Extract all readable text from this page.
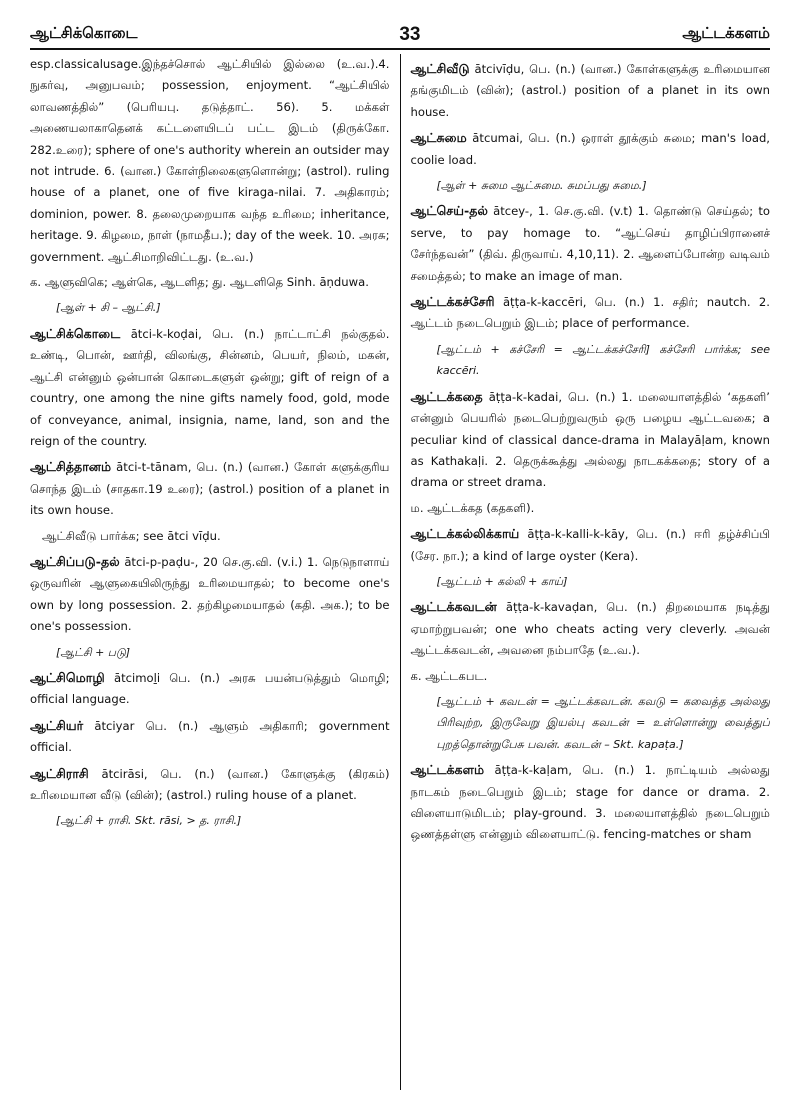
ஆட்சிக்கொடை	33	ஆட்டக்களம்

esp.classicalusage.இந்தச்சொல் ஆட்சியில் இல்லை (உ.வ.).4. நுகர்வு, அனுபவம்; possession, enjoyment. “ஆட்சியில் லாவணத்தில்” (பெரியபு. தடுத்தாட். 56). 5. மக்கள் அணையலாகாதெனக் கட்டளையிடப் பட்ட இடம் (திருக்கோ. 282.உரை); sphere of one's authority wherein an outsider may not intrude. 6. (வான.) கோள்நிலைகளுளொன்று; (astrol). ruling house of a planet, one of five kiraga-nilai. 7. அதிகாரம்; dominion, power. 8. தலைமுறையாக வந்த உரிமை; inheritance, heritage. 9. கிழமை, நாள் (நாமதீப.); day of the week. 10. அரசு; government. ஆட்சிமாறிவிட்டது. (உ.வ.)

க. ஆளுவிகெ; ஆள்கெ, ஆடளித; து. ஆடளிதெ Sinh. āṇduwa.

[ஆள் + சி – ஆட்சி.]

ஆட்சிக்கொடை ātci-k-koḍai, பெ. (n.) நாட்டாட்சி நல்குதல். உண்டி, பொன், ஊர்தி, விலங்கு, சின்னம், பெயர், நிலம், மகன், ஆட்சி என்னும் ஒன்பான் கொடைகளுள் ஒன்று; gift of reign of a country, one among the nine gifts namely food, gold, mode of conveyance, animal, insignia, name, land, son and the reign of the country.

ஆட்சித்தானம் ātci-t-tānam, பெ. (n.) (வான.) கோள் களுக்குரிய சொந்த இடம் (சாதகா.19 உரை); (astrol.) position of a planet in its own house.

ஆட்சிவீடு பார்க்க; see ātci vīḍu.

ஆட்சிப்படு-தல் ātci-p-paḍu-, 20 செ.கு.வி. (v.i.) 1. நெடுநாளாய் ஒருவரின் ஆளுகையிலிருந்து உரிமையாதல்; to become one's own by long possession. 2. தற்கிழமையாதல் (கதி. அக.); to be one's possession.

[ஆட்சி + படு]

ஆட்சிமொழி ātcimoḻi பெ. (n.) அரசு பயன்படுத்தும் மொழி; official language.

ஆட்சியர் ātciyar பெ. (n.) ஆளும் அதிகாரி; government official.

ஆட்சிராசி ātcirāsi, பெ. (n.) (வான.) கோளுக்கு (கிரகம்) உரிமையான வீடு (வின்); (astrol.) ruling house of a planet.

[ஆட்சி + ராசி. Skt. rāsi, > த. ராசி.]

ஆட்சிவீடு ātcivīḍu, பெ. (n.) (வான.) கோள்களுக்கு உரிமையான தங்குமிடம் (வின்); (astrol.) position of a planet in its own house.

ஆட்சுமை ātcumai, பெ. (n.) ஒராள் தூக்கும் சுமை; man's load, coolie load.

[ஆள் + சுமை ஆட்சுமை. சுமப்பது சுமை.]

ஆட்செய்-தல் ātcey-, 1. செ.கு.வி. (v.t) 1. தொண்டு செய்தல்; to serve, to pay homage to. “ஆட்செய் தாழிப்பிரானைச் சேர்ந்தவன்” (திவ். திருவாய். 4,10,11). 2. ஆளைப்போன்ற வடிவம் சமைத்தல்; to make an image of man.

ஆட்டக்கச்சேரி āṭṭa-k-kaccēri, பெ. (n.) 1. சதிர்; nautch. 2. ஆட்டம் நடைபெறும் இடம்; place of performance.

[ஆட்டம் + கச்சேரி = ஆட்டக்கச்சேரி] கச்சேரி பார்க்க; see kaccēri.

ஆட்டக்கதை āṭṭa-k-kadai, பெ. (n.) 1. மலையாளத்தில் ‘கதகளி’ என்னும் பெயரில் நடைபெற்றுவரும் ஒரு பழைய ஆட்டவகை; a peculiar kind of classical dance-drama in Malayāḷam, known as Kathakaḷi. 2. தெருக்கூத்து அல்லது நாடகக்கதை; story of a drama or street drama.

ம. ஆட்டக்கத (கதகளி).

ஆட்டக்கல்லிக்காய் āṭṭa-k-kalli-k-kāy, பெ. (n.) ஈரி தழ்ச்சிப்பி (சேர. நா.); a kind of large oyster (Kera).

[ஆட்டம் + கல்லி + காய்]

ஆட்டக்கவடன் āṭṭa-k-kavaḍan, பெ. (n.) திறமையாக நடித்து ஏமாற்றுபவன்; one who cheats acting very cleverly. அவன் ஆட்டக்கவடன், அவனை நம்பாதே (உ.வ.).

க. ஆட்டகபட.

[ஆட்டம் + கவடன் = ஆட்டக்கவடன். கவடு = கவைத்த அல்லது பிரிவுற்ற, இருவேறு இயல்பு கவடன் = உள்ளொன்று வைத்துப் புறத்தொன்றுபேசு பவன். கவடன் – Skt. kapaṭa.]

ஆட்டக்களம் āṭṭa-k-kaḷam, பெ. (n.) 1. நாட்டியம் அல்லது நாடகம் நடைபெறும் இடம்; stage for dance or drama. 2. விளையாடுமிடம்; play-ground. 3. மலையாளத்தில் நடைபெறும் ஒணத்தள்ளு என்னும் விளையாட்டு. fencing-matches or sham
